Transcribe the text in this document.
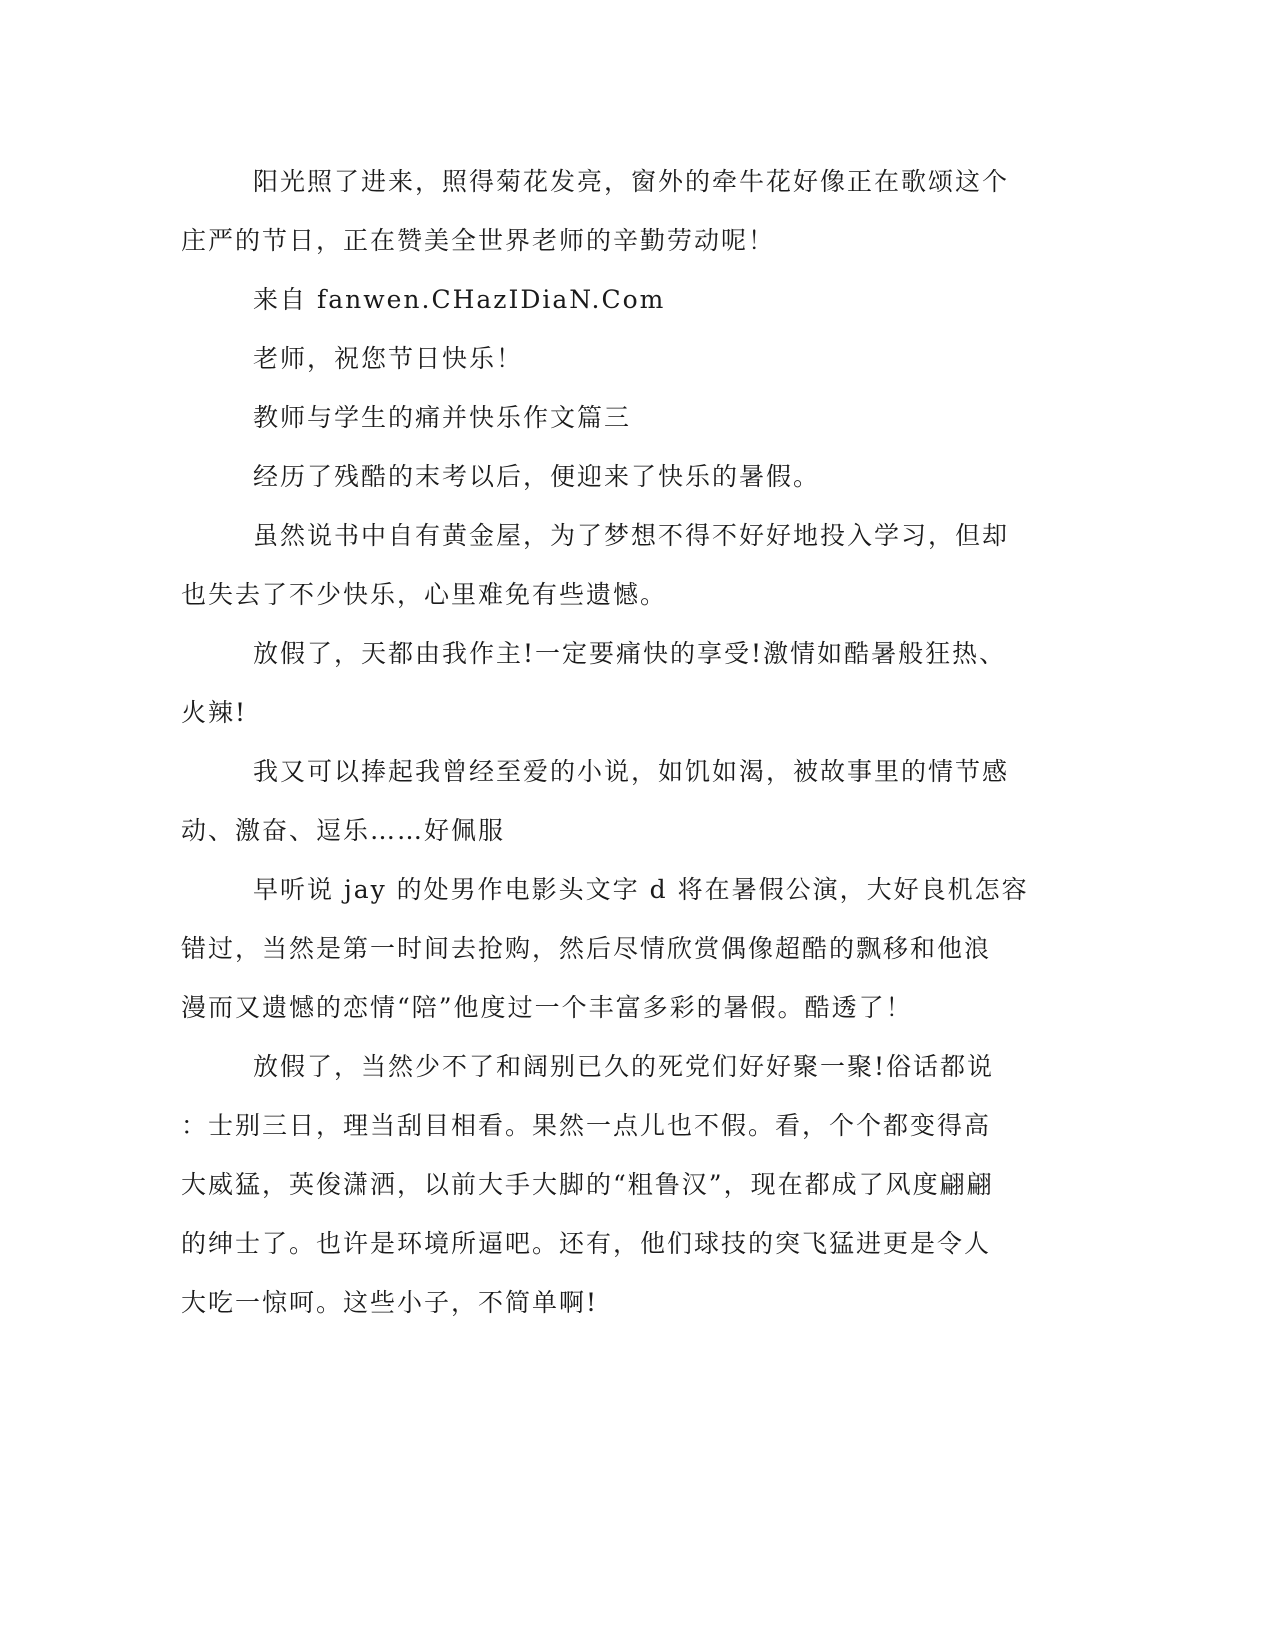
阳光照了进来，照得菊花发亮，窗外的牵牛花好像正在歌颂这个
庄严的节日，正在赞美全世界老师的辛勤劳动呢！
来自 fanwen.CHazIDiaN.Com
老师，祝您节日快乐！
教师与学生的痛并快乐作文篇三
经历了残酷的末考以后，便迎来了快乐的暑假。
虽然说书中自有黄金屋，为了梦想不得不好好地投入学习，但却
也失去了不少快乐，心里难免有些遗憾。
放假了，天都由我作主!一定要痛快的享受!激情如酷暑般狂热、
火辣!
我又可以捧起我曾经至爱的小说，如饥如渴，被故事里的情节感
动、激奋、逗乐……好佩服
早听说 jay 的处男作电影头文字 d 将在暑假公演，大好良机怎容
错过，当然是第一时间去抢购，然后尽情欣赏偶像超酷的飘移和他浪
漫而又遗憾的恋情“陪”他度过一个丰富多彩的暑假。酷透了！
放假了，当然少不了和阔别已久的死党们好好聚一聚!俗话都说
：士别三日，理当刮目相看。果然一点儿也不假。看，个个都变得高
大威猛，英俊潇洒，以前大手大脚的“粗鲁汉”，现在都成了风度翩翩
的绅士了。也许是环境所逼吧。还有，他们球技的突飞猛进更是令人
大吃一惊呵。这些小子，不简单啊!
